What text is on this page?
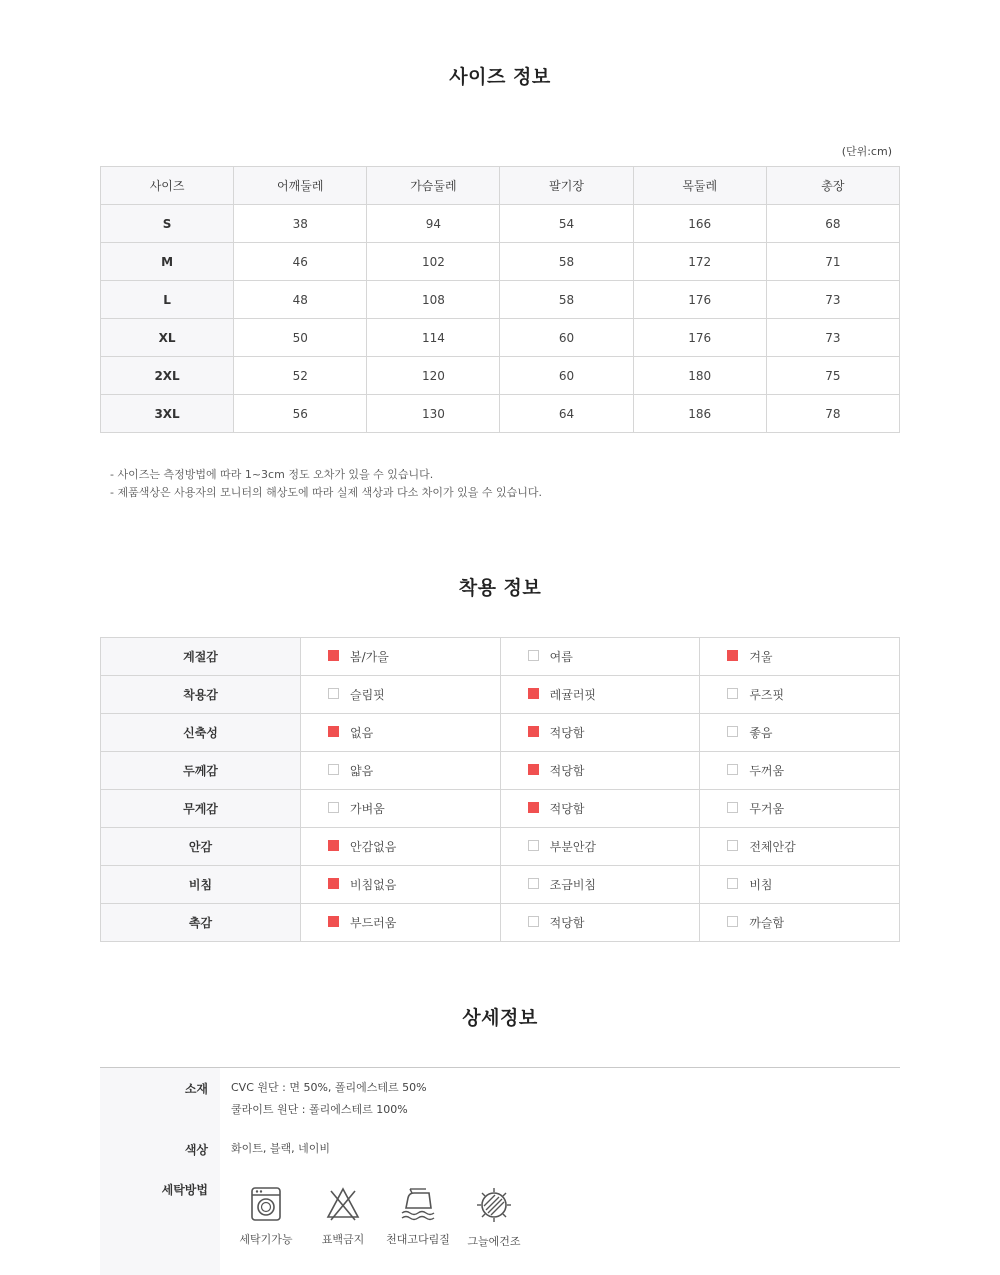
사이즈 정보
(단위:cm)
사이즈	어깨둘레	가슴둘레	팔기장	목둘레	총장
S	38	94	54	166	68
M	46	102	58	172	71
L	48	108	58	176	73
XL	50	114	60	176	73
2XL	52	120	60	180	75
3XL	56	130	64	186	78
- 사이즈는 측정방법에 따라 1~3cm 정도 오차가 있을 수 있습니다.
- 제품색상은 사용자의 모니터의 해상도에 따라 실제 색상과 다소 차이가 있을 수 있습니다.
착용 정보
계절감	봄/가을	여름	겨울
착용감	슬림핏	레귤러핏	루즈핏
신축성	없음	적당함	좋음
두께감	얇음	적당함	두꺼움
무게감	가벼움	적당함	무거움
안감	안감없음	부분안감	전체안감
비침	비침없음	조금비침	비침
촉감	부드러움	적당함	까슬함
상세정보
소재 CVC 원단 : 면 50%, 폴리에스테르 50%
쿨라이트 원단 : 폴리에스테르 100%
색상 화이트, 블랙, 네이비
세탁방법
세탁기가능	표백금지	천대고다림질	그늘에건조
